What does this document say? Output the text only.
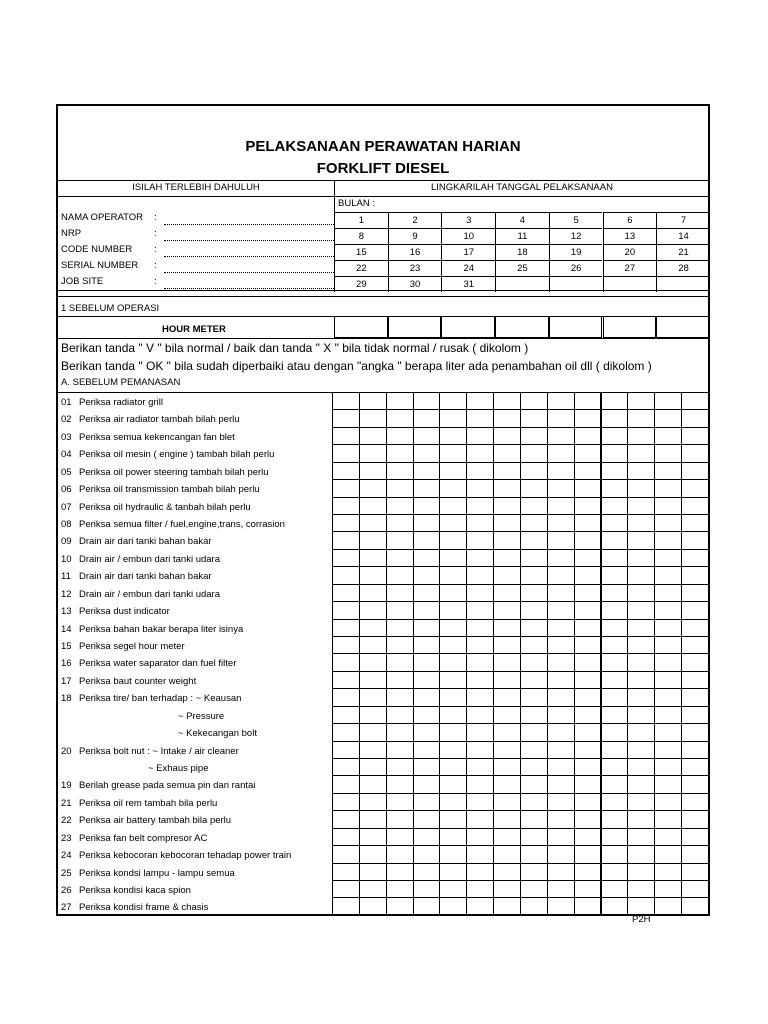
PELAKSANAAN PERAWATAN HARIAN
FORKLIFT DIESEL
ISILAH TERLEBIH DAHULUH	LINGKARILAH TANGGAL PELAKSANAAN
BULAN :
NAMA OPERATOR :
NRP	:
CODE NUMBER :
SERIAL NUMBER :
JOB SITE	:
1	2	3	4	5	6	7
8	9	10	11	12	13	14
15	16	17	18	19	20	21
22	23	24	25	26	27	28
29	30	31
1 SEBELUM OPERASI
HOUR METER
Berikan tanda " V " bila normal / baik dan tanda " X " bila tidak normal / rusak ( dikolom )
Berikan tanda " OK " bila sudah diperbaiki atau dengan "angka " berapa liter ada penambahan oil dll ( dikolom )
A. SEBELUM PEMANASAN
01 Periksa radiator grill
02 Periksa air radiator tambah bilah perlu
03 Periksa semua kekencangan fan blet
04 Periksa oil mesin ( engine ) tambah bilah perlu
05 Periksa oil power steering tambah bilah perlu
06 Periksa oil transmission tambah bilah perlu
07 Periksa oil hydraulic & tanbah bilah perlu
08 Periksa semua filter / fuel,engine,trans, corrasion
09 Drain air dari tanki bahan bakar
10 Drain air / embun dari tanki udara
11 Drain air dari tanki bahan bakar
12 Drain air / embun dari tanki udara
13 Periksa dust indicator
14 Periksa bahan bakar berapa liter isinya
15 Periksa segel hour meter
16 Periksa water saparator dan fuel filter
17 Periksa baut counter weight
18 Periksa tire/ ban terhadap : ~ Keausan
~ Pressure
~ Kekecangan bolt
20 Periksa bolt nut : ~ Intake / air cleaner
~ Exhaus pipe
19 Berilah grease pada semua pin dan rantai
21 Periksa oil rem tambah bila perlu
22 Periksa air battery tambah bila perlu
23 Periksa fan belt compresor AC
24 Periksa kebocoran kebocoran tehadap power train
25 Periksa kondsi lampu - lampu semua
26 Periksa kondisi kaca spion
27 Periksa kondisi frame & chasis
P2H
